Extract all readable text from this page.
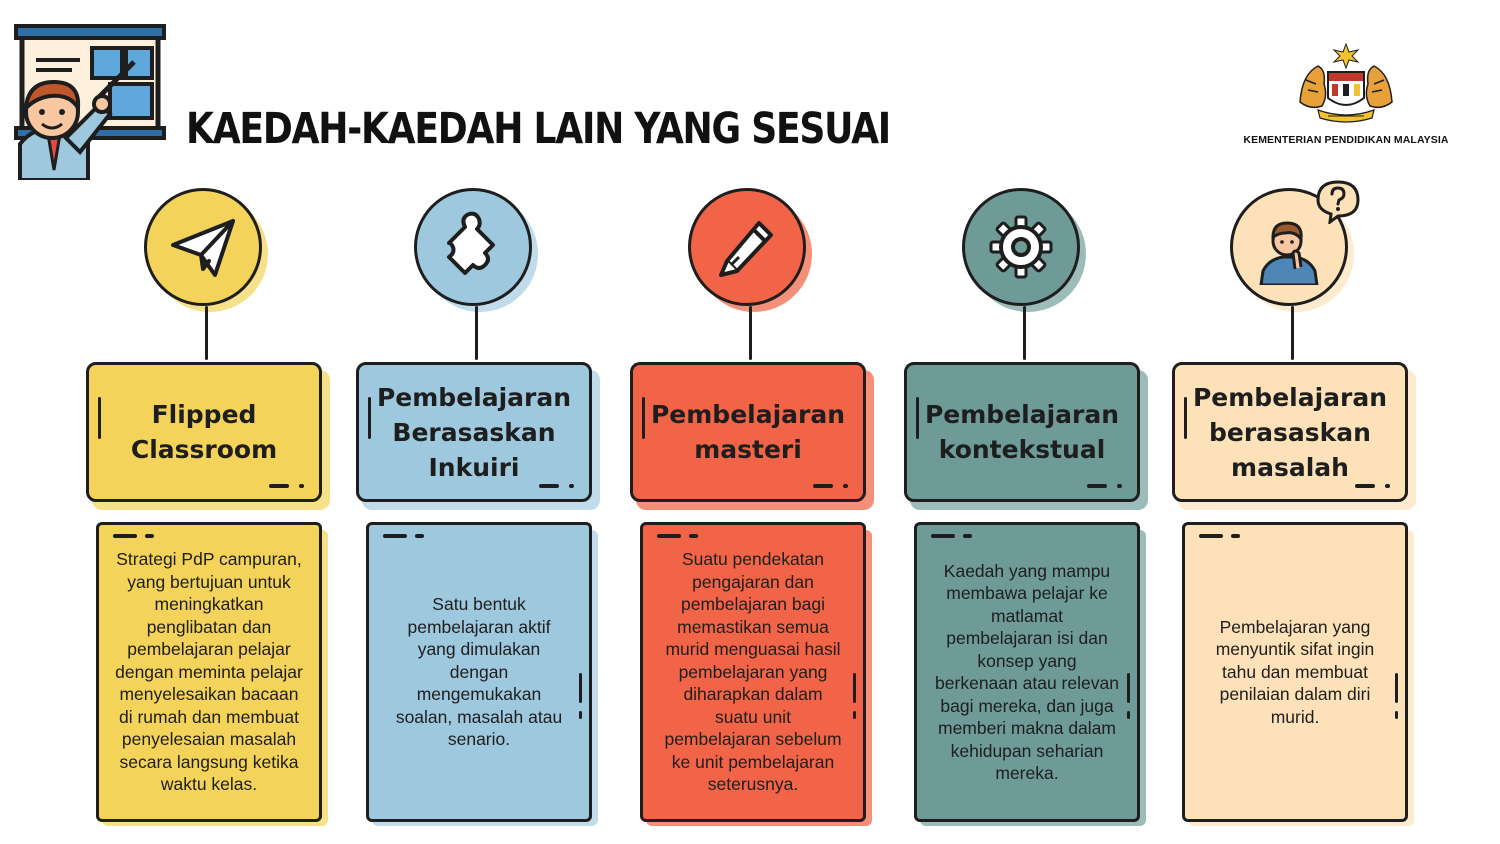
KAEDAH-KAEDAH LAIN YANG SESUAI	KEMENTERIAN PENDIDIKAN MALAYSIA
Flipped
Classroom
Strategi PdP campuran,
yang bertujuan untuk
meningkatkan
penglibatan dan
pembelajaran pelajar
dengan meminta pelajar
menyelesaikan bacaan
di rumah dan membuat
penyelesaian masalah
secara langsung ketika
waktu kelas.
Pembelajaran
Berasaskan
Inkuiri
Satu bentuk
pembelajaran aktif
yang dimulakan
dengan
mengemukakan
soalan, masalah atau
senario.
Pembelajaran
masteri
Suatu pendekatan
pengajaran dan
pembelajaran bagi
memastikan semua
murid menguasai hasil
pembelajaran yang
diharapkan dalam
suatu unit
pembelajaran sebelum
ke unit pembelajaran
seterusnya.
Pembelajaran
kontekstual
Kaedah yang mampu
membawa pelajar ke
matlamat
pembelajaran isi dan
konsep yang
berkenaan atau relevan
bagi mereka, dan juga
memberi makna dalam
kehidupan seharian
mereka.
Pembelajaran
berasaskan
masalah
Pembelajaran yang
menyuntik sifat ingin
tahu dan membuat
penilaian dalam diri
murid.
